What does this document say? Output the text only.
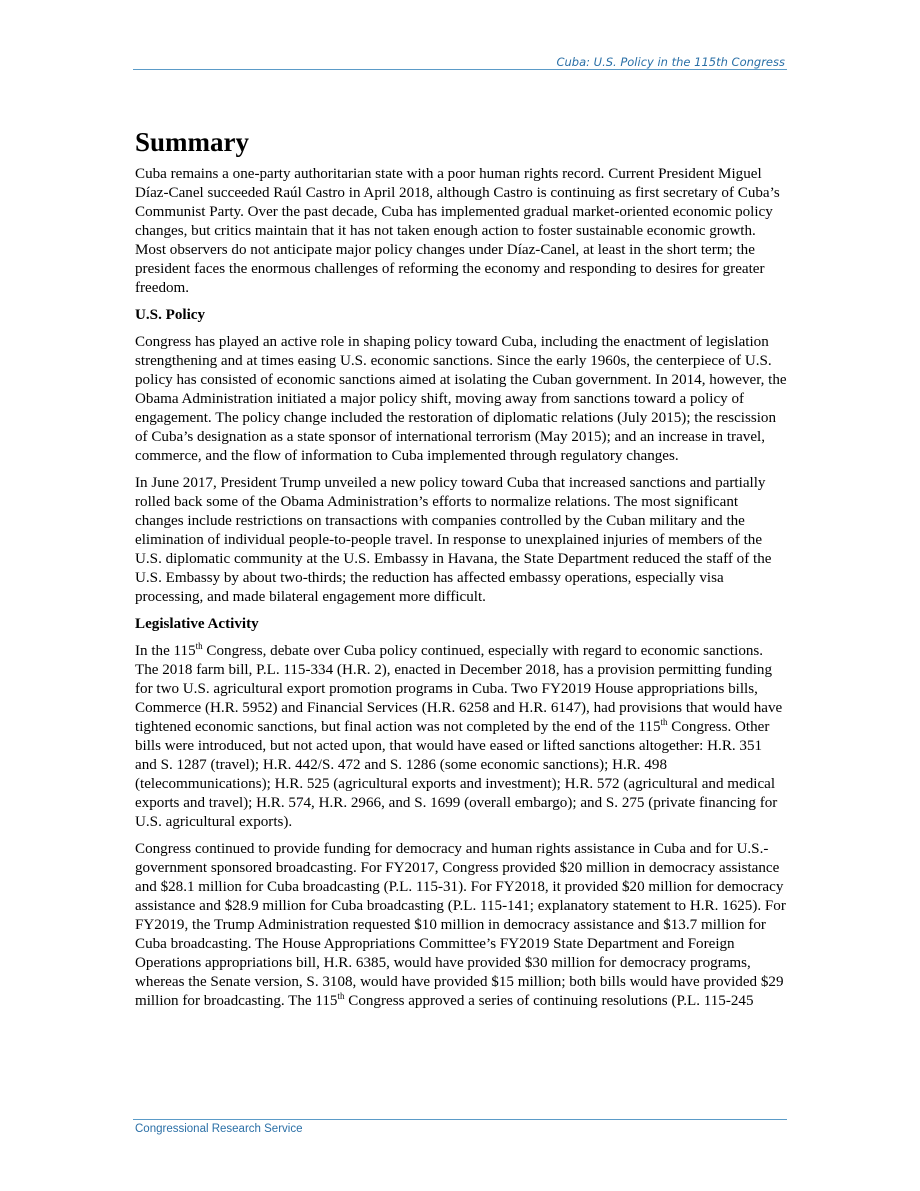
Cuba: U.S. Policy in the 115th Congress
Summary

Cuba remains a one-party authoritarian state with a poor human rights record. Current President Miguel Díaz-Canel succeeded Raúl Castro in April 2018, although Castro is continuing as first secretary of Cuba’s Communist Party. Over the past decade, Cuba has implemented gradual market-oriented economic policy changes, but critics maintain that it has not taken enough action to foster sustainable economic growth. Most observers do not anticipate major policy changes under Díaz-Canel, at least in the short term; the president faces the enormous challenges of reforming the economy and responding to desires for greater freedom.

U.S. Policy

Congress has played an active role in shaping policy toward Cuba, including the enactment of legislation strengthening and at times easing U.S. economic sanctions. Since the early 1960s, the centerpiece of U.S. policy has consisted of economic sanctions aimed at isolating the Cuban government. In 2014, however, the Obama Administration initiated a major policy shift, moving away from sanctions toward a policy of engagement. The policy change included the restoration of diplomatic relations (July 2015); the rescission of Cuba’s designation as a state sponsor of international terrorism (May 2015); and an increase in travel, commerce, and the flow of information to Cuba implemented through regulatory changes.

In June 2017, President Trump unveiled a new policy toward Cuba that increased sanctions and partially rolled back some of the Obama Administration’s efforts to normalize relations. The most significant changes include restrictions on transactions with companies controlled by the Cuban military and the elimination of individual people-to-people travel. In response to unexplained injuries of members of the U.S. diplomatic community at the U.S. Embassy in Havana, the State Department reduced the staff of the U.S. Embassy by about two-thirds; the reduction has affected embassy operations, especially visa processing, and made bilateral engagement more difficult.

Legislative Activity

In the 115th Congress, debate over Cuba policy continued, especially with regard to economic sanctions. The 2018 farm bill, P.L. 115-334 (H.R. 2), enacted in December 2018, has a provision permitting funding for two U.S. agricultural export promotion programs in Cuba. Two FY2019 House appropriations bills, Commerce (H.R. 5952) and Financial Services (H.R. 6258 and H.R. 6147), had provisions that would have tightened economic sanctions, but final action was not completed by the end of the 115th Congress. Other bills were introduced, but not acted upon, that would have eased or lifted sanctions altogether: H.R. 351 and S. 1287 (travel); H.R. 442/S. 472 and S. 1286 (some economic sanctions); H.R. 498 (telecommunications); H.R. 525 (agricultural exports and investment); H.R. 572 (agricultural and medical exports and travel); H.R. 574, H.R. 2966, and S. 1699 (overall embargo); and S. 275 (private financing for U.S. agricultural exports).

Congress continued to provide funding for democracy and human rights assistance in Cuba and for U.S.-government sponsored broadcasting. For FY2017, Congress provided $20 million in democracy assistance and $28.1 million for Cuba broadcasting (P.L. 115-31). For FY2018, it provided $20 million for democracy assistance and $28.9 million for Cuba broadcasting (P.L. 115-141; explanatory statement to H.R. 1625). For FY2019, the Trump Administration requested $10 million in democracy assistance and $13.7 million for Cuba broadcasting. The House Appropriations Committee’s FY2019 State Department and Foreign Operations appropriations bill, H.R. 6385, would have provided $30 million for democracy programs, whereas the Senate version, S. 3108, would have provided $15 million; both bills would have provided $29 million for broadcasting. The 115th Congress approved a series of continuing resolutions (P.L. 115-245

Congressional Research Service
